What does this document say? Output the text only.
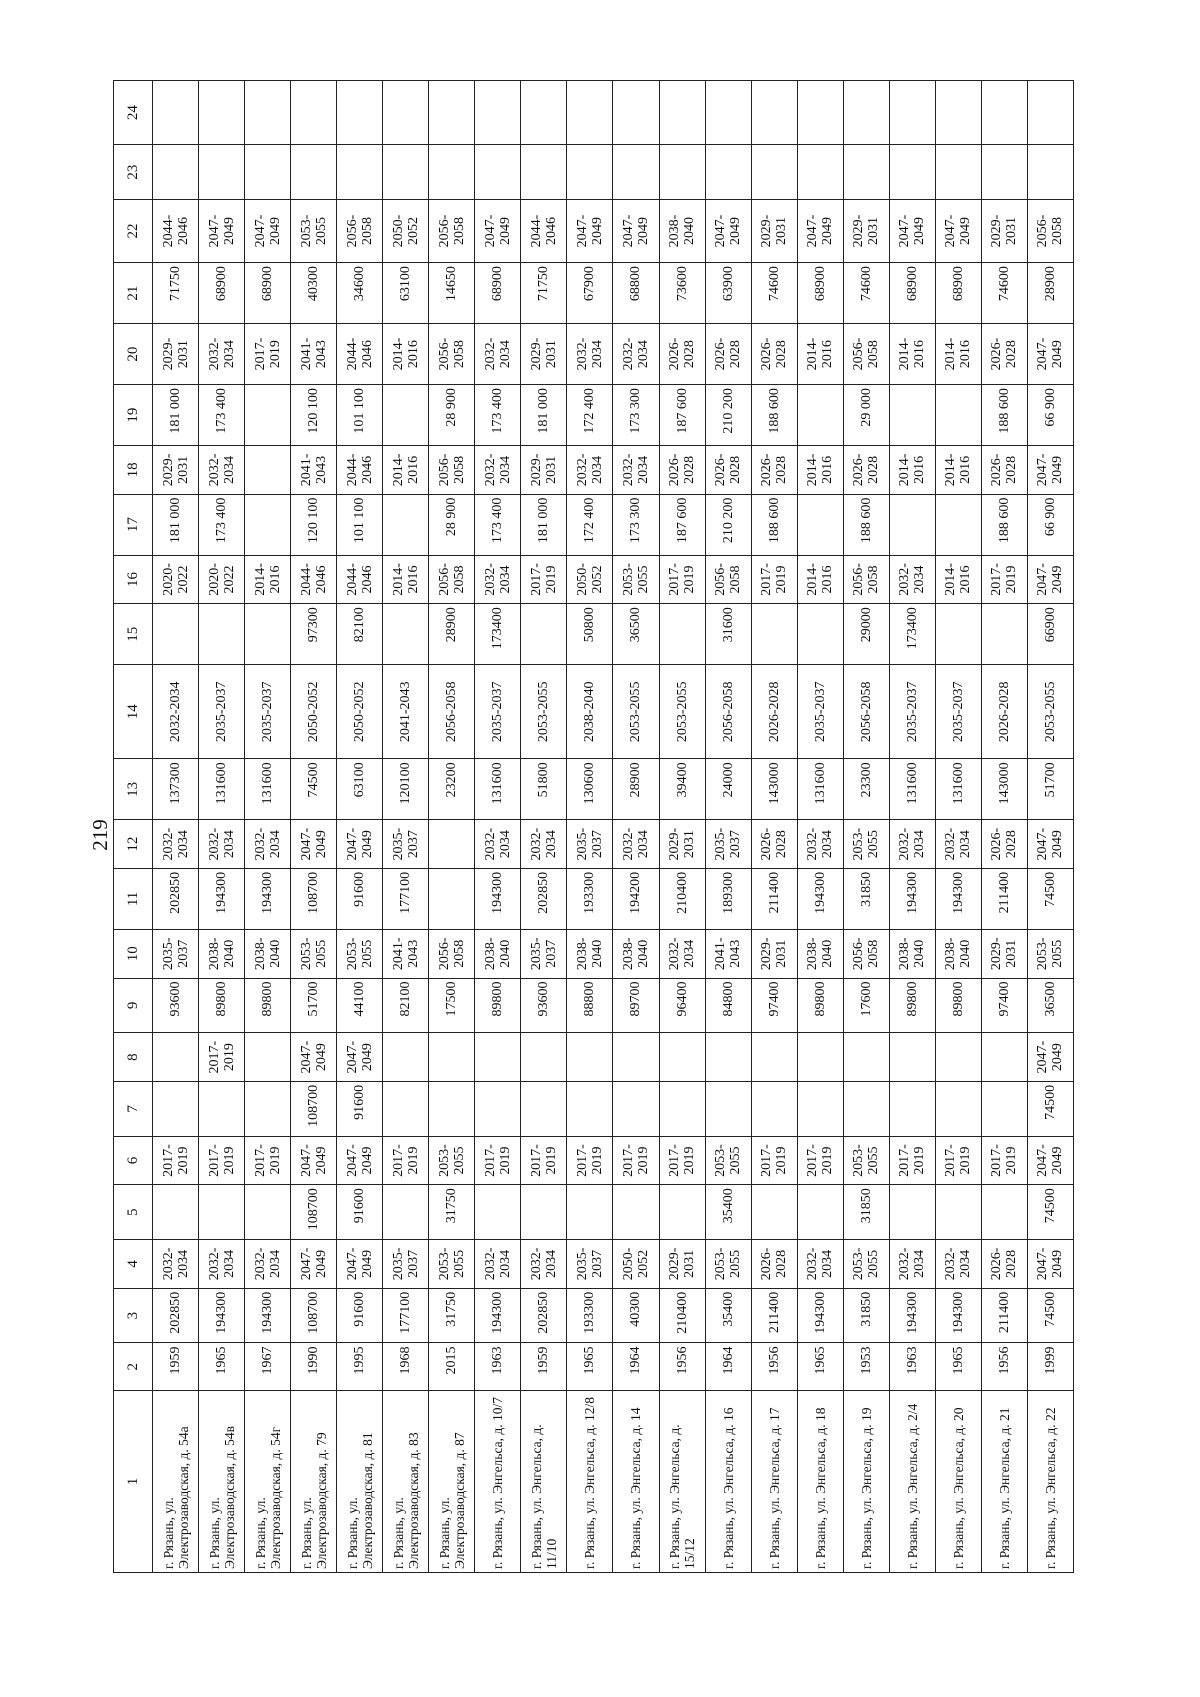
219
1	2	3	4	5	6	7	8	9	10	11	12	13	14	15	16	17	18	19	20	21	22	23	24
г. Рязань, ул. Электрозаводская, д. 54а	1959	202850	2032-2034		2017-2019			93600	2035-2037	202850	2032-2034	137300	2032-2034		2020-2022	181 000	2029-2031	181 000	2029-2031	71750	2044-2046		
г. Рязань, ул. Электрозаводская, д. 54в	1965	194300	2032-2034		2017-2019		2017-2019	89800	2038-2040	194300	2032-2034	131600	2035-2037		2020-2022	173 400	2032-2034	173 400	2032-2034	68900	2047-2049		
г. Рязань, ул. Электрозаводская, д. 54г	1967	194300	2032-2034		2017-2019			89800	2038-2040	194300	2032-2034	131600	2035-2037		2014-2016				2017-2019	68900	2047-2049		
г. Рязань, ул. Электрозаводская, д. 79	1990	108700	2047-2049	108700	2047-2049	108700	2047-2049	51700	2053-2055	108700	2047-2049	74500	2050-2052	97300	2044-2046	120 100	2041-2043	120 100	2041-2043	40300	2053-2055		
г. Рязань, ул. Электрозаводская, д. 81	1995	91600	2047-2049	91600	2047-2049	91600	2047-2049	44100	2053-2055	91600	2047-2049	63100	2050-2052	82100	2044-2046	101 100	2044-2046	101 100	2044-2046	34600	2056-2058		
г. Рязань, ул. Электрозаводская, д. 83	1968	177100	2035-2037		2017-2019			82100	2041-2043	177100	2035-2037	120100	2041-2043		2014-2016		2014-2016		2014-2016	63100	2050-2052		
г. Рязань, ул. Электрозаводская, д. 87	2015	31750	2053-2055	31750	2053-2055			17500	2056-2058			23200	2056-2058	28900	2056-2058	28 900	2056-2058	28 900	2056-2058	14650	2056-2058		
г. Рязань, ул. Энгельса, д. 10/7	1963	194300	2032-2034		2017-2019			89800	2038-2040	194300	2032-2034	131600	2035-2037	173400	2032-2034	173 400	2032-2034	173 400	2032-2034	68900	2047-2049		
г. Рязань, ул. Энгельса, д. 11/10	1959	202850	2032-2034		2017-2019			93600	2035-2037	202850	2032-2034	51800	2053-2055		2017-2019	181 000	2029-2031	181 000	2029-2031	71750	2044-2046		
г. Рязань, ул. Энгельса, д. 12/8	1965	193300	2035-2037		2017-2019			88800	2038-2040	193300	2035-2037	130600	2038-2040	50800	2050-2052	172 400	2032-2034	172 400	2032-2034	67900	2047-2049		
г. Рязань, ул. Энгельса, д. 14	1964	40300	2050-2052		2017-2019			89700	2038-2040	194200	2032-2034	28900	2053-2055	36500	2053-2055	173 300	2032-2034	173 300	2032-2034	68800	2047-2049		
г. Рязань, ул. Энгельса, д. 15/12	1956	210400	2029-2031		2017-2019			96400	2032-2034	210400	2029-2031	39400	2053-2055		2017-2019	187 600	2026-2028	187 600	2026-2028	73600	2038-2040		
г. Рязань, ул. Энгельса, д. 16	1964	35400	2053-2055	35400	2053-2055			84800	2041-2043	189300	2035-2037	24000	2056-2058	31600	2056-2058	210 200	2026-2028	210 200	2026-2028	63900	2047-2049		
г. Рязань, ул. Энгельса, д. 17	1956	211400	2026-2028		2017-2019			97400	2029-2031	211400	2026-2028	143000	2026-2028		2017-2019	188 600	2026-2028	188 600	2026-2028	74600	2029-2031		
г. Рязань, ул. Энгельса, д. 18	1965	194300	2032-2034		2017-2019			89800	2038-2040	194300	2032-2034	131600	2035-2037		2014-2016		2014-2016		2014-2016	68900	2047-2049		
г. Рязань, ул. Энгельса, д. 19	1953	31850	2053-2055	31850	2053-2055			17600	2056-2058	31850	2053-2055	23300	2056-2058	29000	2056-2058	188 600	2026-2028	29 000	2056-2058	74600	2029-2031		
г. Рязань, ул. Энгельса, д. 2/4	1963	194300	2032-2034		2017-2019			89800	2038-2040	194300	2032-2034	131600	2035-2037	173400	2032-2034		2014-2016		2014-2016	68900	2047-2049		
г. Рязань, ул. Энгельса, д. 20	1965	194300	2032-2034		2017-2019			89800	2038-2040	194300	2032-2034	131600	2035-2037		2014-2016		2014-2016		2014-2016	68900	2047-2049		
г. Рязань, ул. Энгельса, д. 21	1956	211400	2026-2028		2017-2019			97400	2029-2031	211400	2026-2028	143000	2026-2028		2017-2019	188 600	2026-2028	188 600	2026-2028	74600	2029-2031		
г. Рязань, ул. Энгельса, д. 22	1999	74500	2047-2049	74500	2047-2049	74500	2047-2049	36500	2053-2055	74500	2047-2049	51700	2053-2055	66900	2047-2049	66 900	2047-2049	66 900	2047-2049	28900	2056-2058		
